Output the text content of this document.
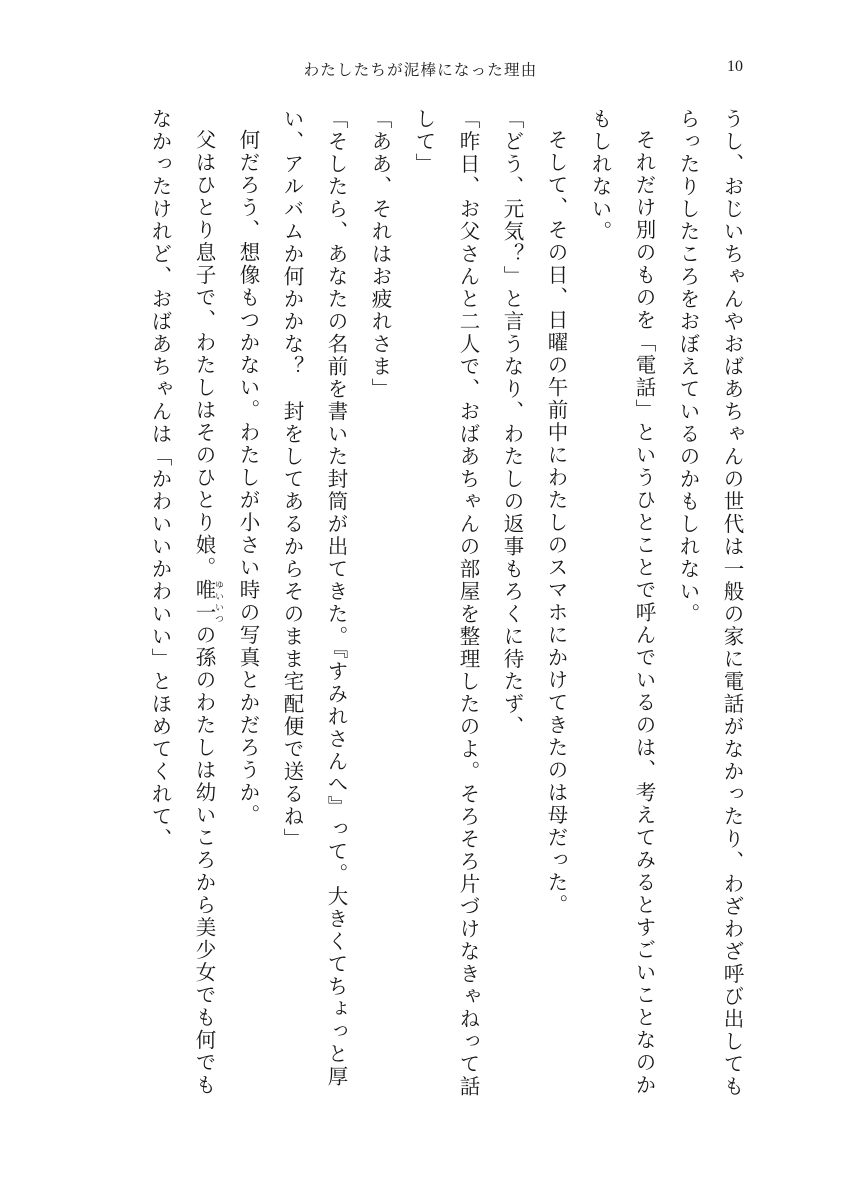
わたしたちが泥棒になった理由	10

うし、おじいちゃんやおばあちゃんの世代は一般の家に電話がなかったり、わざわざ呼び出してもらったりしたころをおぼえているのかもしれない。

それだけ別のものを「電話」というひとことで呼んでいるのは、考えてみるとすごいことなのかもしれない。

そして、その日、日曜の午前中にわたしのスマホにかけてきたのは母だった。

「どう、元気？」と言うなり、わたしの返事もろくに待たず、

「昨日、お父さんと二人で、おばあちゃんの部屋を整理したのよ。そろそろ片づけなきゃねって話して」

「ああ、それはお疲れさま」

「そしたら、あなたの名前を書いた封筒が出てきた。『すみれさんへ』って。大きくてちょっと厚い、アルバムか何かかな？　封をしてあるからそのまま宅配便で送るね」

何だろう、想像もつかない。わたしが小さい時の写真とかだろうか。

父はひとり息子で、わたしはそのひとり娘。唯一 ゆいいつの孫のわたしは幼いころから美少女でも何でもなかったけれど、おばあちゃんは「かわいいかわいい」とほめてくれて、
